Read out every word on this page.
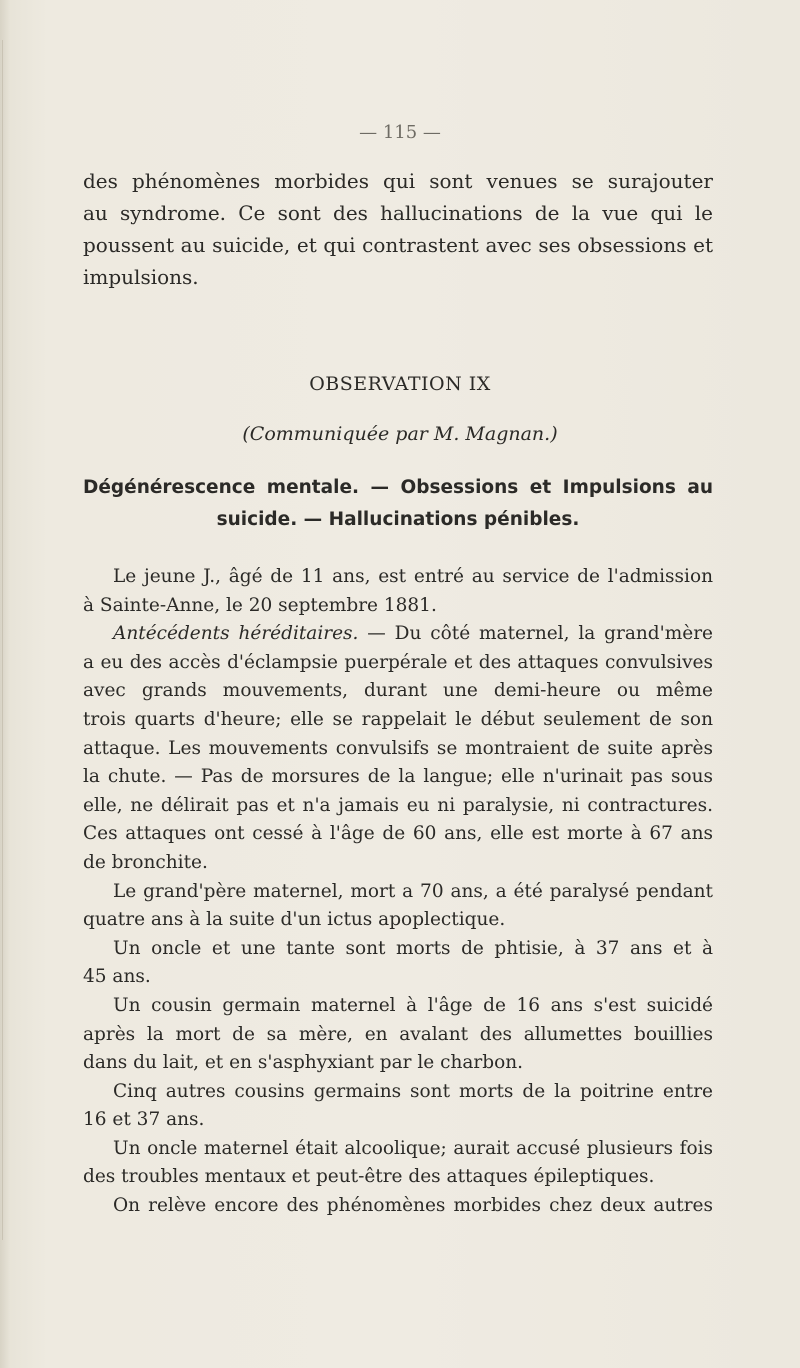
— 115 —
des phénomènes morbides qui sont venues se surajouter
au syndrome. Ce sont des hallucinations de la vue qui le
poussent au suicide, et qui contrastent avec ses obsessions et
impulsions.
OBSERVATION IX
(Communiquée par M. Magnan.)
Dégénérescence mentale. — Obsessions et Impulsions au
suicide. — Hallucinations pénibles.
Le jeune J., âgé de 11 ans, est entré au service de l'admission
à Sainte-Anne, le 20 septembre 1881.
Antécédents héréditaires. — Du côté maternel, la grand'mère
a eu des accès d'éclampsie puerpérale et des attaques convulsives
avec grands mouvements, durant une demi-heure ou même
trois quarts d'heure; elle se rappelait le début seulement de son
attaque. Les mouvements convulsifs se montraient de suite après
la chute. — Pas de morsures de la langue; elle n'urinait pas sous
elle, ne délirait pas et n'a jamais eu ni paralysie, ni contractures.
Ces attaques ont cessé à l'âge de 60 ans, elle est morte à 67 ans
de bronchite.
Le grand'père maternel, mort a 70 ans, a été paralysé pendant
quatre ans à la suite d'un ictus apoplectique.
Un oncle et une tante sont morts de phtisie, à 37 ans et à
45 ans.
Un cousin germain maternel à l'âge de 16 ans s'est suicidé
après la mort de sa mère, en avalant des allumettes bouillies
dans du lait, et en s'asphyxiant par le charbon.
Cinq autres cousins germains sont morts de la poitrine entre
16 et 37 ans.
Un oncle maternel était alcoolique; aurait accusé plusieurs fois
des troubles mentaux et peut-être des attaques épileptiques.
On relève encore des phénomènes morbides chez deux autres
